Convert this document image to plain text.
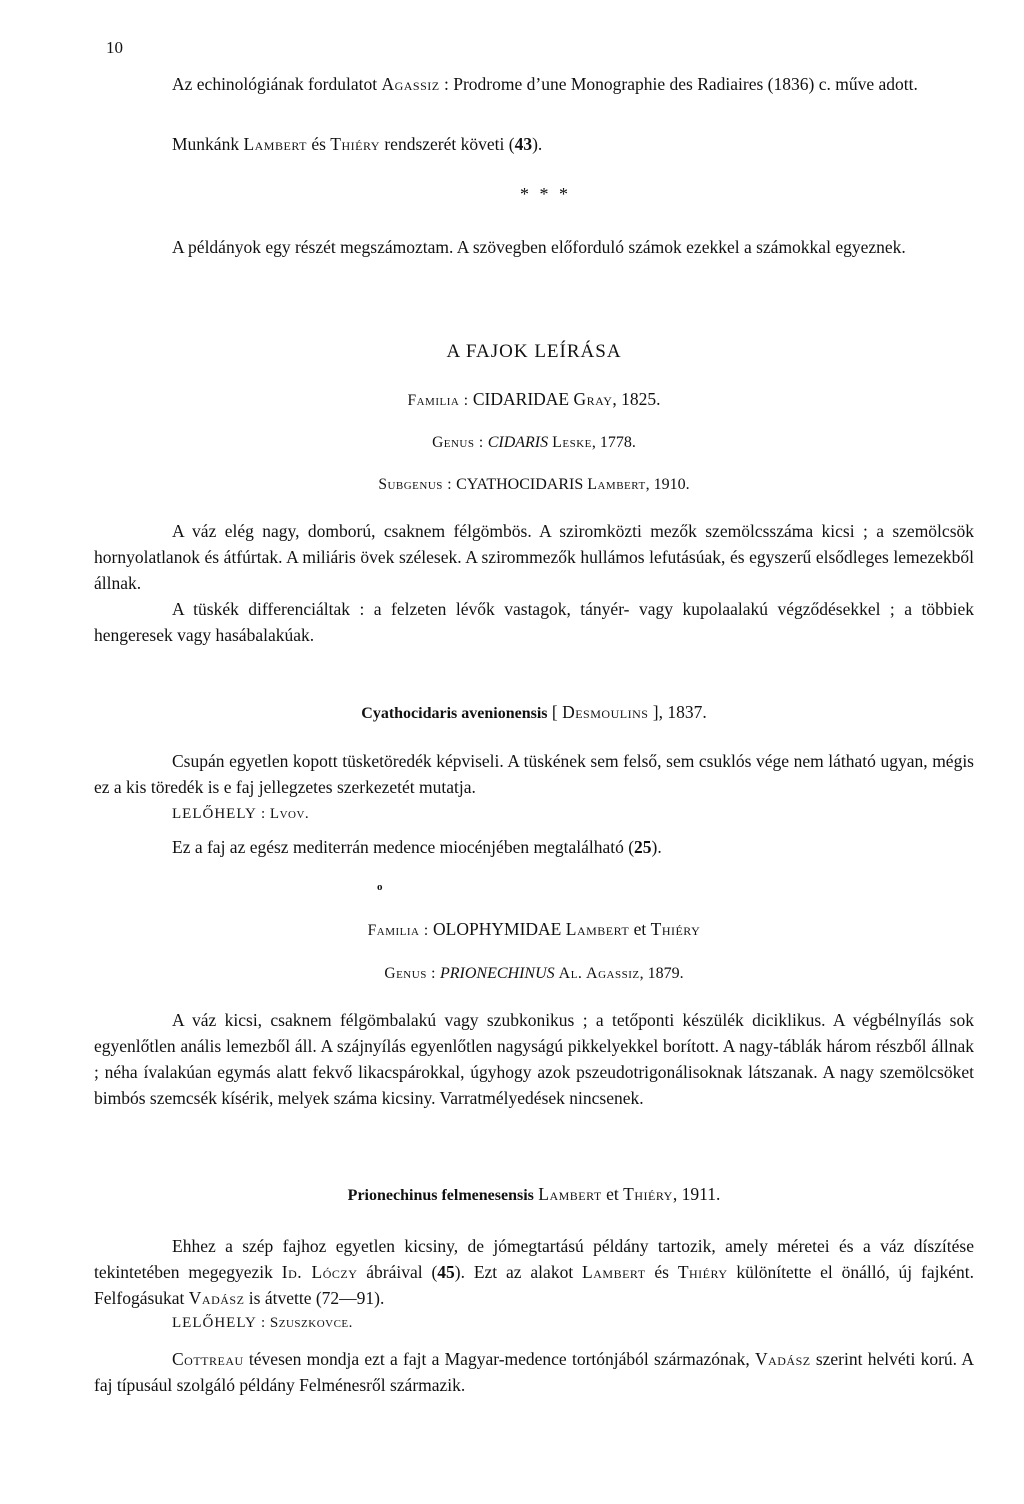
10
Az echinológiának fordulatot Agassiz : Prodrome d’une Monographie des Radiaires (1836) c. műve adott.
Munkánk Lambert és Thiéry rendszerét követi (43).
* * *
A példányok egy részét megszámoztam. A szövegben előforduló számok ezekkel a számokkal egyeznek.
A FAJOK LEÍRÁSA
Familia : CIDARIDAE Gray, 1825.
Genus : CIDARIS Leske, 1778.
Subgenus : CYATHOCIDARIS Lambert, 1910.
A váz elég nagy, domború, csaknem félgömbös. A sziromközti mezők szemölcsszáma kicsi ; a szemölcsök hornyolatlanok és átfúrtak. A miliáris övek szélesek. A szirommezők hullámos lefutásúak, és egyszerű elsődleges lemezekből állnak.
A tüskék differenciáltak : a felzeten lévők vastagok, tányér- vagy kupolaalakú végződésekkel ; a többiek hengeresek vagy hasábalakúak.
Cyathocidaris avenionensis [ Desmoulins ], 1837.
Csupán egyetlen kopott tüsketöredék képviseli. A tüskének sem felső, sem csuklós vége nem látható ugyan, mégis ez a kis töredék is e faj jellegzetes szerkezetét mutatja.
LELŐHELY : Lvov.
Ez a faj az egész mediterrán medence miocénjében megtalálható (25).
o
Familia : OLOPHYMIDAE Lambert et Thiéry
Genus : PRIONECHINUS Al. Agassiz, 1879.
A váz kicsi, csaknem félgömbalakú vagy szubkonikus ; a tetőponti készülék diciklikus. A végbélnyílás sok egyenlőtlen anális lemezből áll. A szájnyílás egyenlőtlen nagyságú pikkelyekkel borított. A nagy-táblák három részből állnak ; néha ívalakúan egymás alatt fekvő likacspárokkal, úgyhogy azok pszeudotrigonálisoknak látszanak. A nagy szemölcsöket bimbós szemcsék kísérik, melyek száma kicsiny. Varratmélyedések nincsenek.
Prionechinus felmenesensis Lambert et Thiéry, 1911.
Ehhez a szép fajhoz egyetlen kicsiny, de jómegtartású példány tartozik, amely méretei és a váz díszítése tekintetében megegyezik Id. Lóczy ábráival (45). Ezt az alakot Lambert és Thiéry különítette el önálló, új fajként. Felfogásukat Vadász is átvette (72—91).
LELŐHELY : Szuszkovce.
Cottreau tévesen mondja ezt a fajt a Magyar-medence tortónjából származónak, Vadász szerint helvéti korú. A faj típusául szolgáló példány Felménesről származik.
